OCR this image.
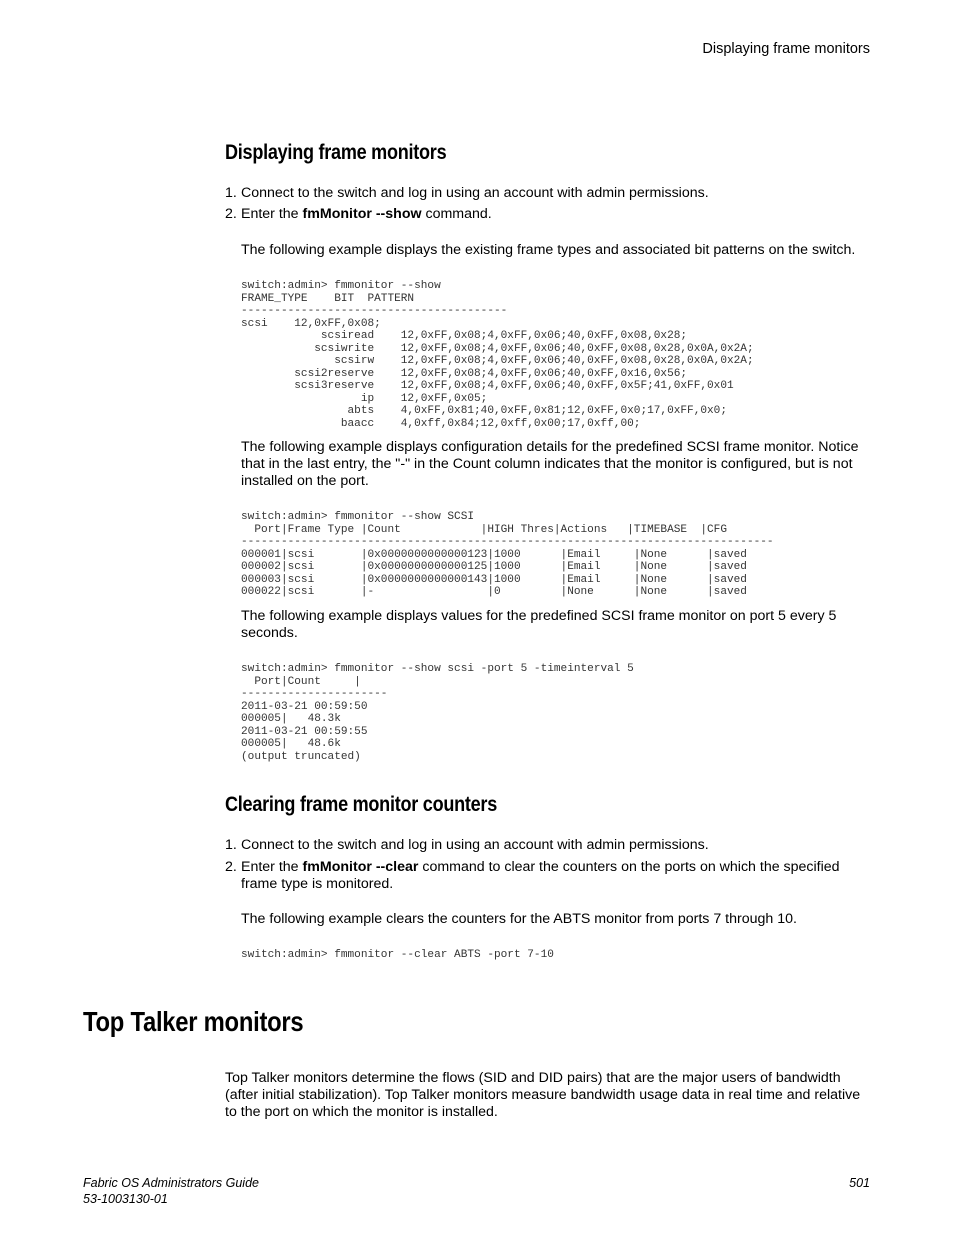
Displaying frame monitors
Displaying frame monitors
1. Connect to the switch and log in using an account with admin permissions.
2. Enter the fmMonitor --show command.
The following example displays the existing frame types and associated bit patterns on the switch.
switch:admin> fmmonitor --show
FRAME_TYPE    BIT  PATTERN
----------------------------------------
scsi    12,0xFF,0x08;
scsiread    12,0xFF,0x08;4,0xFF,0x06;40,0xFF,0x08,0x28;
scsiwrite    12,0xFF,0x08;4,0xFF,0x06;40,0xFF,0x08,0x28,0x0A,0x2A;
scsirw    12,0xFF,0x08;4,0xFF,0x06;40,0xFF,0x08,0x28,0x0A,0x2A;
scsi2reserve    12,0xFF,0x08;4,0xFF,0x06;40,0xFF,0x16,0x56;
scsi3reserve    12,0xFF,0x08;4,0xFF,0x06;40,0xFF,0x5F;41,0xFF,0x01
ip    12,0xFF,0x05;
abts    4,0xFF,0x81;40,0xFF,0x81;12,0xFF,0x0;17,0xFF,0x0;
baacc    4,0xff,0x84;12,0xff,0x00;17,0xff,00;
The following example displays configuration details for the predefined SCSI frame monitor. Notice that in the last entry, the "-" in the Count column indicates that the monitor is configured, but is not installed on the port.
switch:admin> fmmonitor --show SCSI
Port|Frame Type |Count            |HIGH Thres|Actions   |TIMEBASE  |CFG
--------------------------------------------------------------------------------
000001|scsi       |0x0000000000000123|1000      |Email     |None      |saved
000002|scsi       |0x0000000000000125|1000      |Email     |None      |saved
000003|scsi       |0x0000000000000143|1000      |Email     |None      |saved
000022|scsi       |-                 |0         |None      |None      |saved
The following example displays values for the predefined SCSI frame monitor on port 5 every 5 seconds.
switch:admin> fmmonitor --show scsi -port 5 -timeinterval 5
Port|Count     |
----------------------
2011-03-21 00:59:50
000005|   48.3k
2011-03-21 00:59:55
000005|   48.6k
(output truncated)
Clearing frame monitor counters
1. Connect to the switch and log in using an account with admin permissions.
2. Enter the fmMonitor --clear command to clear the counters on the ports on which the specified frame type is monitored.
The following example clears the counters for the ABTS monitor from ports 7 through 10.
switch:admin> fmmonitor --clear ABTS -port 7-10
Top Talker monitors
Top Talker monitors determine the flows (SID and DID pairs) that are the major users of bandwidth (after initial stabilization). Top Talker monitors measure bandwidth usage data in real time and relative to the port on which the monitor is installed.
Fabric OS Administrators Guide
53-1003130-01
501
